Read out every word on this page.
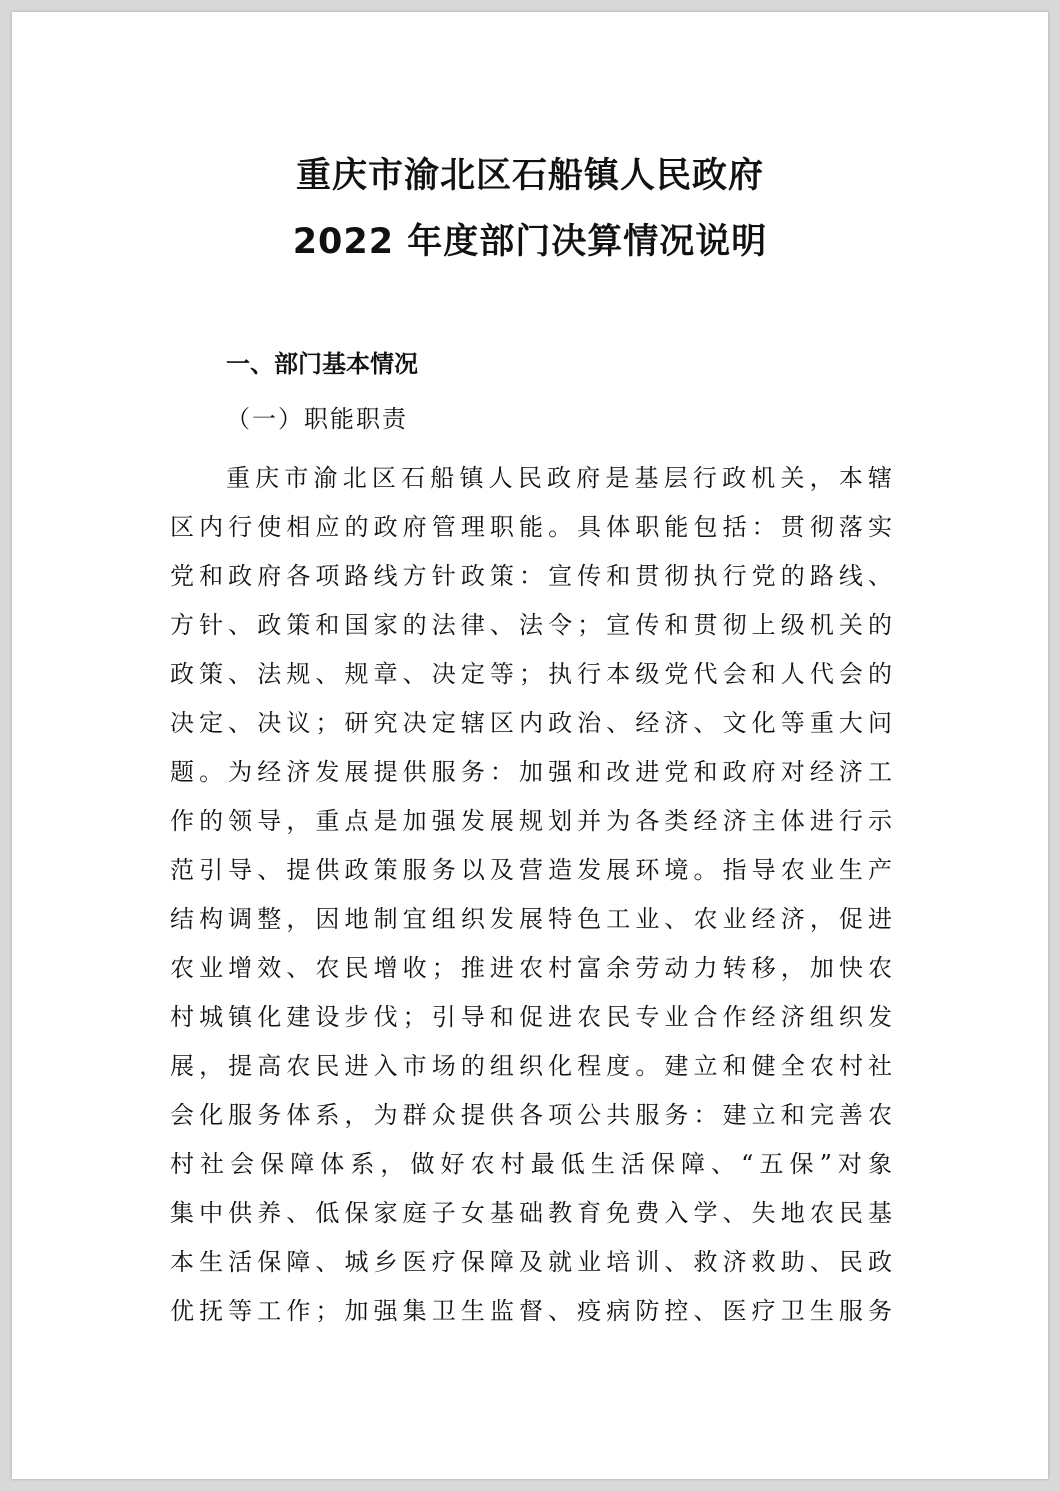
重庆市渝北区石船镇人民政府
2022 年度部门决算情况说明
一、部门基本情况
（一）职能职责
重庆市渝北区石船镇人民政府是基层行政机关，本辖
区内行使相应的政府管理职能。具体职能包括：贯彻落实
党和政府各项路线方针政策：宣传和贯彻执行党的路线、
方针、政策和国家的法律、法令；宣传和贯彻上级机关的
政策、法规、规章、决定等；执行本级党代会和人代会的
决定、决议；研究决定辖区内政治、经济、文化等重大问
题。为经济发展提供服务：加强和改进党和政府对经济工
作的领导，重点是加强发展规划并为各类经济主体进行示
范引导、提供政策服务以及营造发展环境。指导农业生产
结构调整，因地制宜组织发展特色工业、农业经济，促进
农业增效、农民增收；推进农村富余劳动力转移，加快农
村城镇化建设步伐；引导和促进农民专业合作经济组织发
展，提高农民进入市场的组织化程度。建立和健全农村社
会化服务体系，为群众提供各项公共服务：建立和完善农
村社会保障体系，做好农村最低生活保障、“五保”对象
集中供养、低保家庭子女基础教育免费入学、失地农民基
本生活保障、城乡医疗保障及就业培训、救济救助、民政
优抚等工作；加强集卫生监督、疫病防控、医疗卫生服务
